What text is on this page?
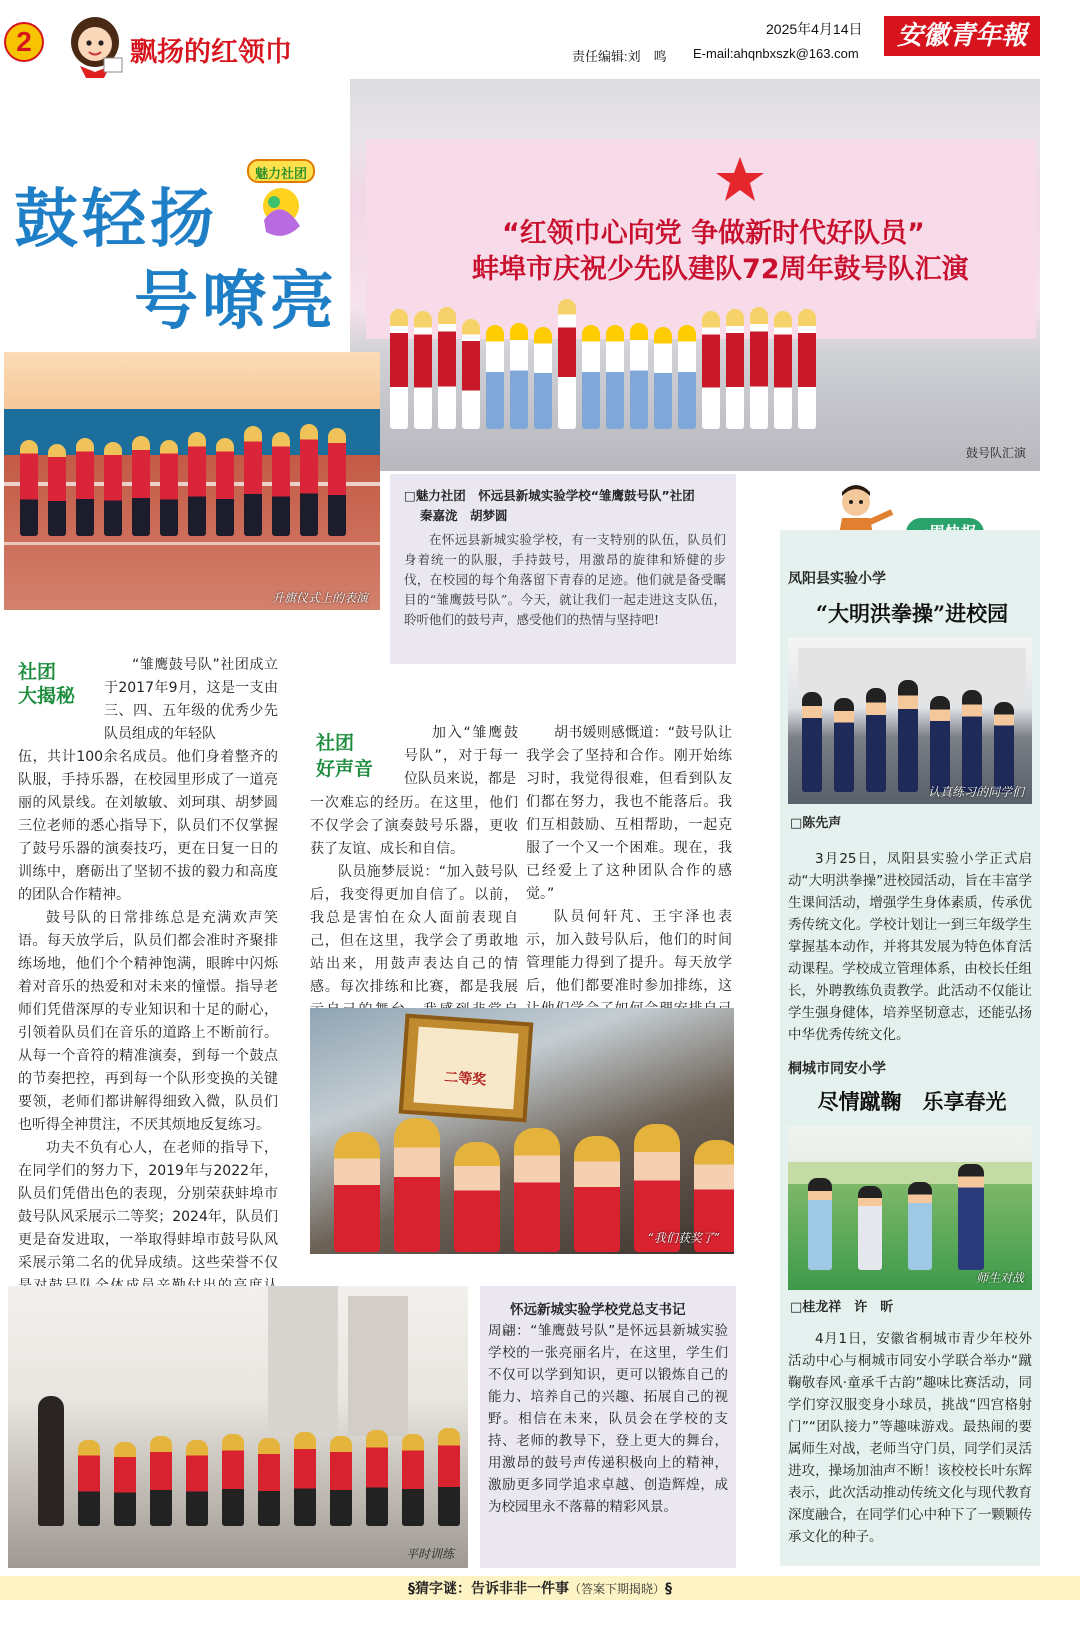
2	飘扬的红领巾
2025年4月14日
责任编辑:刘　鸣 E-mail:ahqnbxszk@163.com
安徽青年報
鼓轻扬
号嘹亮
魅力社团
“红领巾心向党 争做新时代好队员”
蚌埠市庆祝少先队建队72周年鼓号队汇演
鼓号队汇演
升旗仪式上的表演
□魅力社团　怀远县新城实验学校“雏鹰鼓号队”社团
秦嘉泷　胡梦圆
在怀远县新城实验学校，有一支特别的队伍，队员们身着统一的队服，手持鼓号，用激昂的旋律和矫健的步伐，在校园的每个角落留下青春的足迹。他们就是备受瞩目的“雏鹰鼓号队”。今天，就让我们一起走进这支队伍，聆听他们的鼓号声，感受他们的热情与坚持吧!
社团
大揭秘
“雏鹰鼓号队”社团成立于2017年9月，这是一支由三、四、五年级的优秀少先队员组成的年轻队

伍，共计100余名成员。他们身着整齐的队服，手持乐器，在校园里形成了一道亮丽的风景线。在刘敏敏、刘珂琪、胡梦圆三位老师的悉心指导下，队员们不仅掌握了鼓号乐器的演奏技巧，更在日复一日的训练中，磨砺出了坚韧不拔的毅力和高度的团队合作精神。

鼓号队的日常排练总是充满欢声笑语。每天放学后，队员们都会准时齐聚排练场地，他们个个精神饱满，眼眸中闪烁着对音乐的热爱和对未来的憧憬。指导老师们凭借深厚的专业知识和十足的耐心，引领着队员们在音乐的道路上不断前行。从每一个音符的精准演奏，到每一个鼓点的节奏把控，再到每一个队形变换的关键要领，老师们都讲解得细致入微，队员们也听得全神贯注，不厌其烦地反复练习。

功夫不负有心人，在老师的指导下，在同学们的努力下，2019年与2022年，队员们凭借出色的表现，分别荣获蚌埠市鼓号队风采展示二等奖；2024年，队员们更是奋发进取，一举取得蚌埠市鼓号队风采展示第二名的优异成绩。这些荣誉不仅

社团
好声音
加入“雏鹰鼓号队”，对于每一位队员来说，都是

一次难忘的经历。在这里，他们不仅学会了演奏鼓号乐器，更收获了友谊、成长和自信。

队员施梦辰说：“加入鼓号队后，我变得更加自信了。以前，我总是害怕在众人面前表现自己，但在这里，我学会了勇敢地站出来，用鼓声表达自己的情感。每次排练和比赛，都是我展

胡书媛则感慨道：“鼓号队让我学会了坚持和合作。刚开始练习时，我觉得很难，但看到队友们都在努力，我也不能落后。我们互相鼓励、互相帮助，一起克服了一个又一个困难。现在，我已经爱上了这种团队合作的感觉。”

队员何轩芃、王宇泽也表示，加入鼓号队后，他们的时间管理能力得到了提升。每天放学后，他们都要准时参加排练，这

二等奖
“我们获奖了”
平时训练
怀远新城实验学校党总支书记
周翩：“雏鹰鼓号队”是怀远县新城实验学校的一张亮丽名片，在这里，学生们不仅可以学到知识，更可以锻炼自己的能力、培养自己的兴趣、拓展自己的视野。相信在未来，队员会在学校的支持、老师的教导下，登上更大的舞台，用激昂的鼓号声传递积极向上的精神，激励更多同学追求卓越、创造辉煌，成为校园里永不落幕的精彩风景。
凤阳县实验小学
“大明洪拳操”进校园
认真练习的同学们
□陈先声
3月25日，凤阳县实验小学正式启动“大明洪拳操”进校园活动，旨在丰富学生课间活动，增强学生身体素质，传承优秀传统文化。学校计划让一到三年级学生掌握基本动作，并将其发展为特色体育活动课程。学校成立管理体系，由校长任组长，外聘教练负责教学。此活动不仅能让学生强身健体，培养坚韧意志，还能弘扬中华优秀传统文化。
桐城市同安小学
尽情蹴鞠　乐享春光
师生对战
□桂龙祥　许　昕
4月1日，安徽省桐城市青少年校外活动中心与桐城市同安小学联合举办“蹴鞠敬春风·童承千古韵”趣味比赛活动，同学们穿汉服变身小球员，挑战“四宫格射门”“团队接力”等趣味游戏。最热闹的要属师生对战，老师当守门员，同学们灵活进攻，操场加油声不断！该校校长叶东辉表示，此次活动推动传统文化与现代教育深度融合，在同学们心中种下了一颗颗传承文化的种子。
§猜字谜：告诉非非一件事（答案下期揭晓）§
